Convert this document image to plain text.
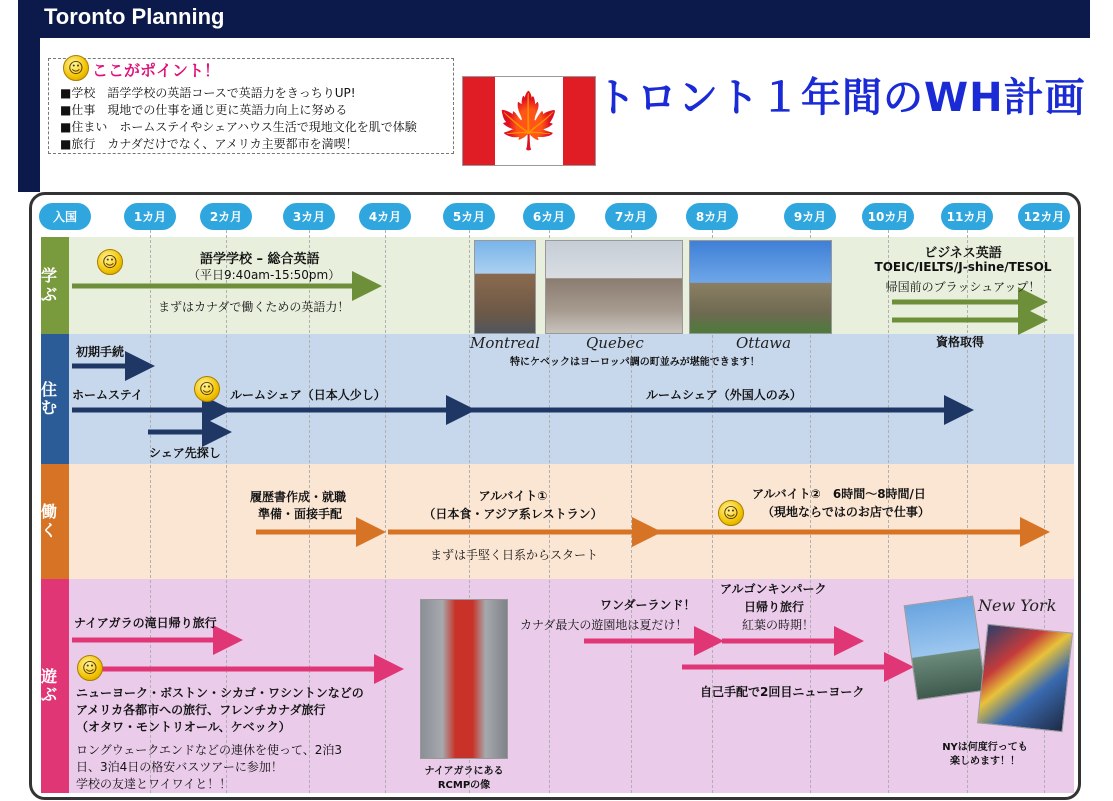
Toronto Planning
☺ ここがポイント！
■学校　語学学校の英語コースで英語力をきっちりUP!
■仕事　現地での仕事を通じ更に英語力向上に努める
■住まい　ホームステイやシェアハウス生活で現地文化を肌で体験
■旅行　カナダだけでなく、アメリカ主要都市を満喫！	🍁 トロント１年間のWH計画
学ぶ
住む
働く
遊ぶ
入国	1カ月	2カ月	3カ月	4カ月	5カ月	6カ月	7カ月	8カ月	9カ月	10カ月	11カ月	12カ月
☺	語学学校 – 総合英語
（平日9:40am-15:50pm）
まずはカナダで働くための英語力！
ビジネス英語
TOEIC/IELTS/J-shine/TESOL
帰国前のブラッシュアップ！
Montreal	Quebec	Ottawa
特にケベックはヨーロッパ調の町並みが堪能できます！
資格取得
初期手続
ホームステイ	☺	ルームシェア（日本人少し）	ルームシェア（外国人のみ）
シェア先探し
履歴書作成・就職
準備・面接手配
アルバイト①
（日本食・アジア系レストラン）
まずは手堅く日系からスタート
アルバイト②　6時間～8時間/日
（現地ならではのお店で仕事）
☺
ナイアガラの滝日帰り旅行
☺
ニューヨーク・ボストン・シカゴ・ワシントンなどの
アメリカ各都市への旅行、フレンチカナダ旅行
（オタワ・モントリオール、ケベック）
ロングウェークエンドなどの連休を使って、2泊3
日、3泊4日の格安バスツアーに参加！
学校の友達とワイワイと！！
ナイアガラにある
RCMPの像
ワンダーランド！
カナダ最大の遊園地は夏だけ！
アルゴンキンパーク
日帰り旅行
紅葉の時期！
自己手配で2回目ニューヨーク
New York
NYは何度行っても
楽しめます！！
